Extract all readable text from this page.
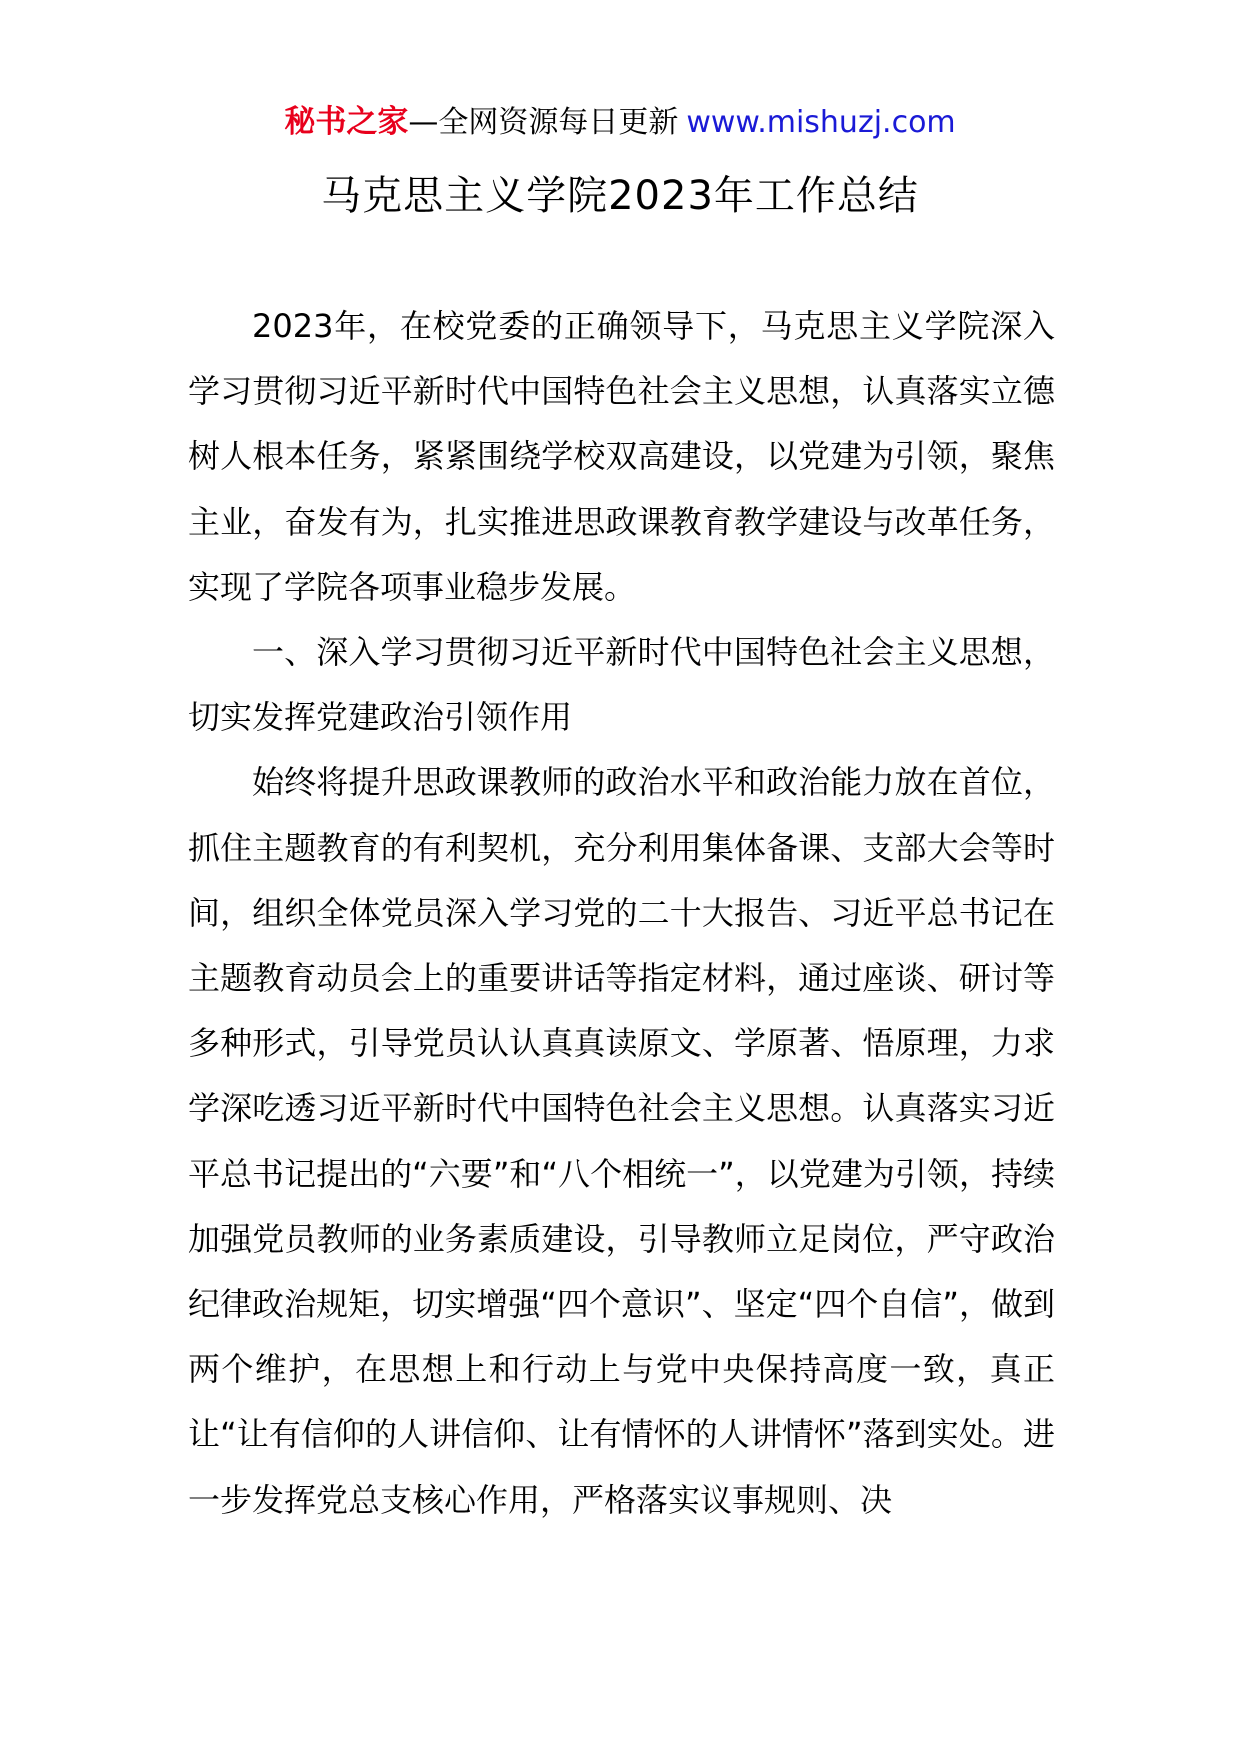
秘书之家—全网资源每日更新 www.mishuzj.com
马克思主义学院2023年工作总结

2023年，在校党委的正确领导下，马克思主义学院深入学习贯彻习近平新时代中国特色社会主义思想，认真落实立德树人根本任务，紧紧围绕学校双高建设，以党建为引领，聚焦主业，奋发有为，扎实推进思政课教育教学建设与改革任务，实现了学院各项事业稳步发展。

一、深入学习贯彻习近平新时代中国特色社会主义思想，切实发挥党建政治引领作用

始终将提升思政课教师的政治水平和政治能力放在首位，抓住主题教育的有利契机，充分利用集体备课、支部大会等时间，组织全体党员深入学习党的二十大报告、习近平总书记在主题教育动员会上的重要讲话等指定材料，通过座谈、研讨等多种形式，引导党员认认真真读原文、学原著、悟原理，力求学深吃透习近平新时代中国特色社会主义思想。认真落实习近平总书记提出的“六要”和“八个相统一”，以党建为引领，持续加强党员教师的业务素质建设，引导教师立足岗位，严守政治纪律政治规矩，切实增强“四个意识”、坚定“四个自信”，做到两个维护，在思想上和行动上与党中央保持高度一致，真正让“让有信仰的人讲信仰、让有情怀的人讲情怀”落到实处。进一步发挥党总支核心作用，严格落实议事规则、决
